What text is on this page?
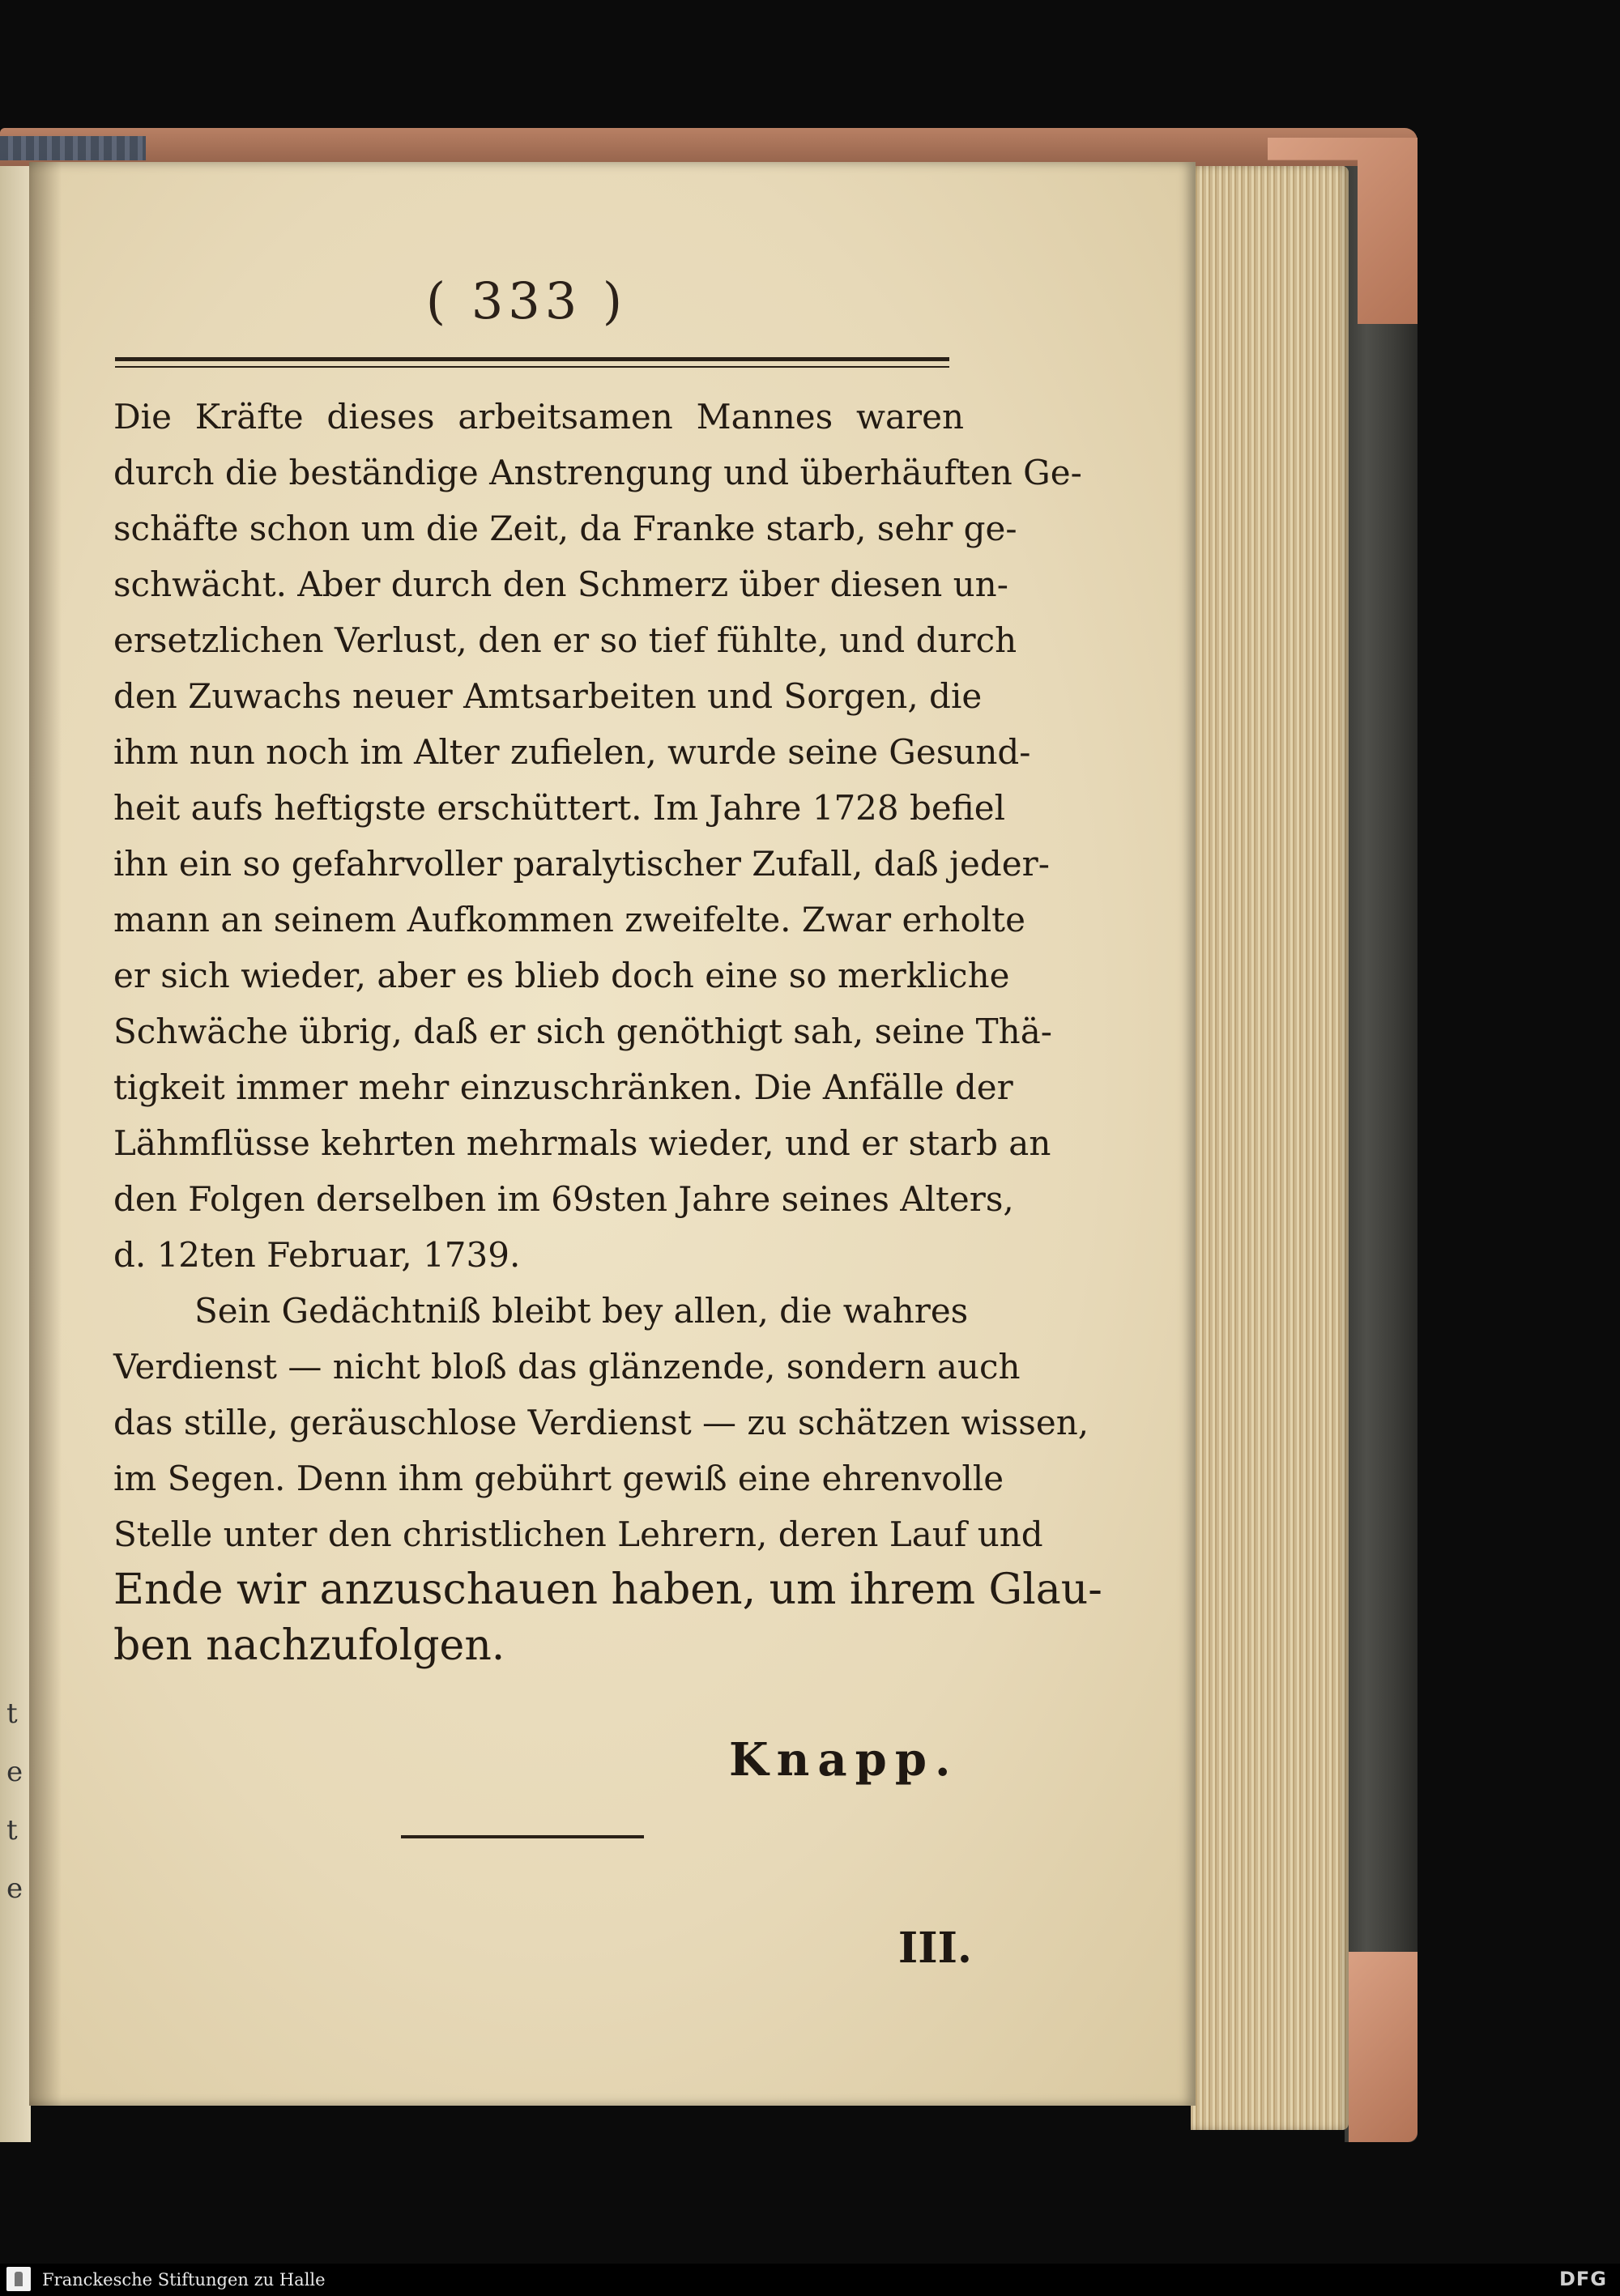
t
e
t
e
( 333 )
Die Kräfte dieses arbeitsamen Mannes waren
durch die beständige Anstrengung und überhäuften Ge-
schäfte schon um die Zeit, da Franke starb, sehr ge-
schwächt. Aber durch den Schmerz über diesen un-
ersetzlichen Verlust, den er so tief fühlte, und durch
den Zuwachs neuer Amtsarbeiten und Sorgen, die
ihm nun noch im Alter zufielen, wurde seine Gesund-
heit aufs heftigste erschüttert. Im Jahre 1728 befiel
ihn ein so gefahrvoller paralytischer Zufall, daß jeder-
mann an seinem Aufkommen zweifelte. Zwar erholte
er sich wieder, aber es blieb doch eine so merkliche
Schwäche übrig, daß er sich genöthigt sah, seine Thä-
tigkeit immer mehr einzuschränken. Die Anfälle der
Lähmflüsse kehrten mehrmals wieder, und er starb an
den Folgen derselben im 69sten Jahre seines Alters,
d. 12ten Februar, 1739.
Sein Gedächtniß bleibt bey allen, die wahres
Verdienst — nicht bloß das glänzende, sondern auch
das stille, geräuschlose Verdienst — zu schätzen wissen,
im Segen. Denn ihm gebührt gewiß eine ehrenvolle
Stelle unter den christlichen Lehrern, deren Lauf und
Ende wir anzuschauen haben, um ihrem Glau-
ben nachzufolgen.
Knapp.
III.
Franckesche Stiftungen zu Halle	DFG
